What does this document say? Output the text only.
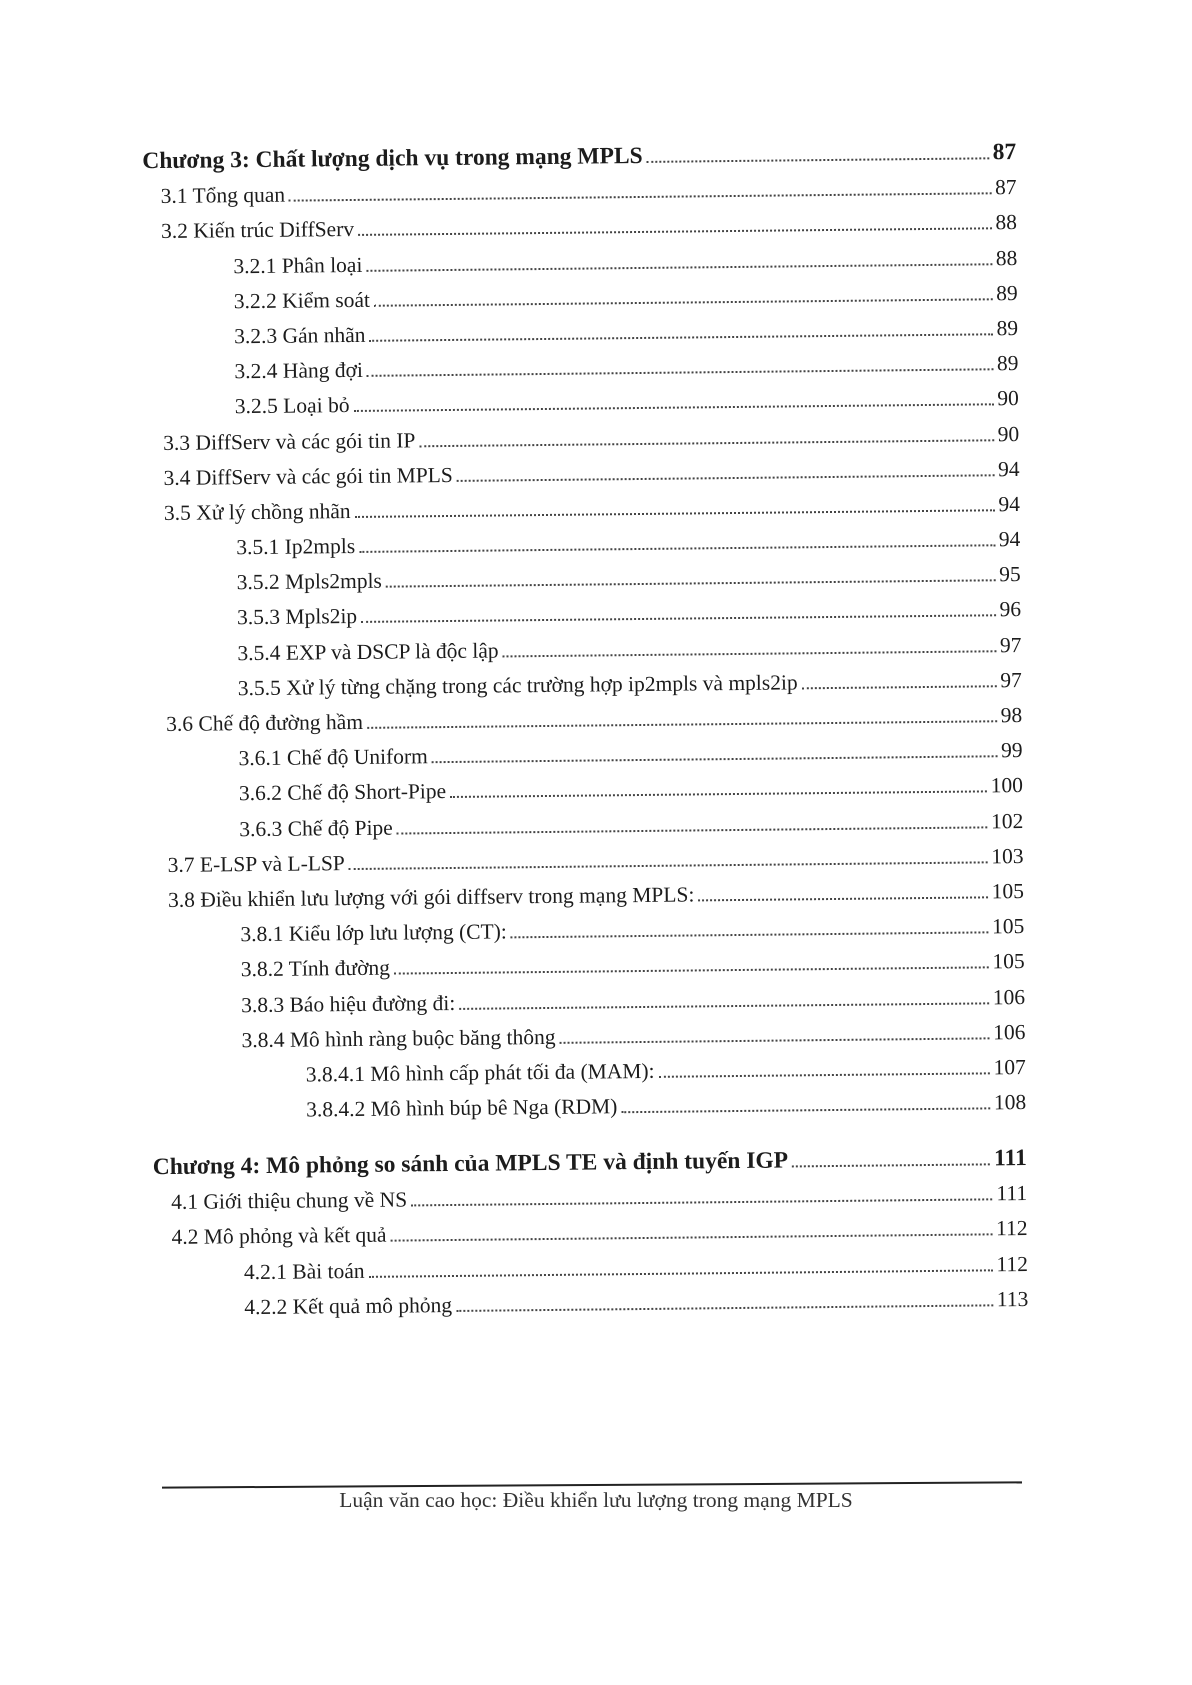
Chương 3: Chất lượng dịch vụ trong mạng MPLS	87
3.1 Tổng quan	87
3.2 Kiến trúc DiffServ	88
3.2.1 Phân loại	88
3.2.2 Kiểm soát	89
3.2.3 Gán nhãn	89
3.2.4 Hàng đợi	89
3.2.5 Loại bỏ	90
3.3 DiffServ và các gói tin IP	90
3.4 DiffServ và các gói tin MPLS	94
3.5 Xử lý chồng nhãn	94
3.5.1 Ip2mpls	94
3.5.2 Mpls2mpls	95
3.5.3 Mpls2ip	96
3.5.4 EXP và DSCP là độc lập	97
3.5.5 Xử lý từng chặng trong các trường hợp ip2mpls và mpls2ip	97
3.6 Chế độ đường hầm	98
3.6.1 Chế độ Uniform	99
3.6.2 Chế độ Short-Pipe	100
3.6.3 Chế độ Pipe	102
3.7 E-LSP và L-LSP	103
3.8 Điều khiển lưu lượng với gói diffserv trong mạng MPLS:	105
3.8.1 Kiểu lớp lưu lượng (CT):	105
3.8.2 Tính đường	105
3.8.3 Báo hiệu đường đi:	106
3.8.4 Mô hình ràng buộc băng thông	106
3.8.4.1 Mô hình cấp phát tối đa (MAM):	107
3.8.4.2 Mô hình búp bê Nga (RDM)	108
Chương 4: Mô phỏng so sánh của MPLS TE và định tuyến IGP	111
4.1 Giới thiệu chung về NS	111
4.2 Mô phỏng và kết quả	112
4.2.1 Bài toán	112
4.2.2 Kết quả mô phỏng	113
Luận văn cao học: Điều khiển lưu lượng trong mạng MPLS
